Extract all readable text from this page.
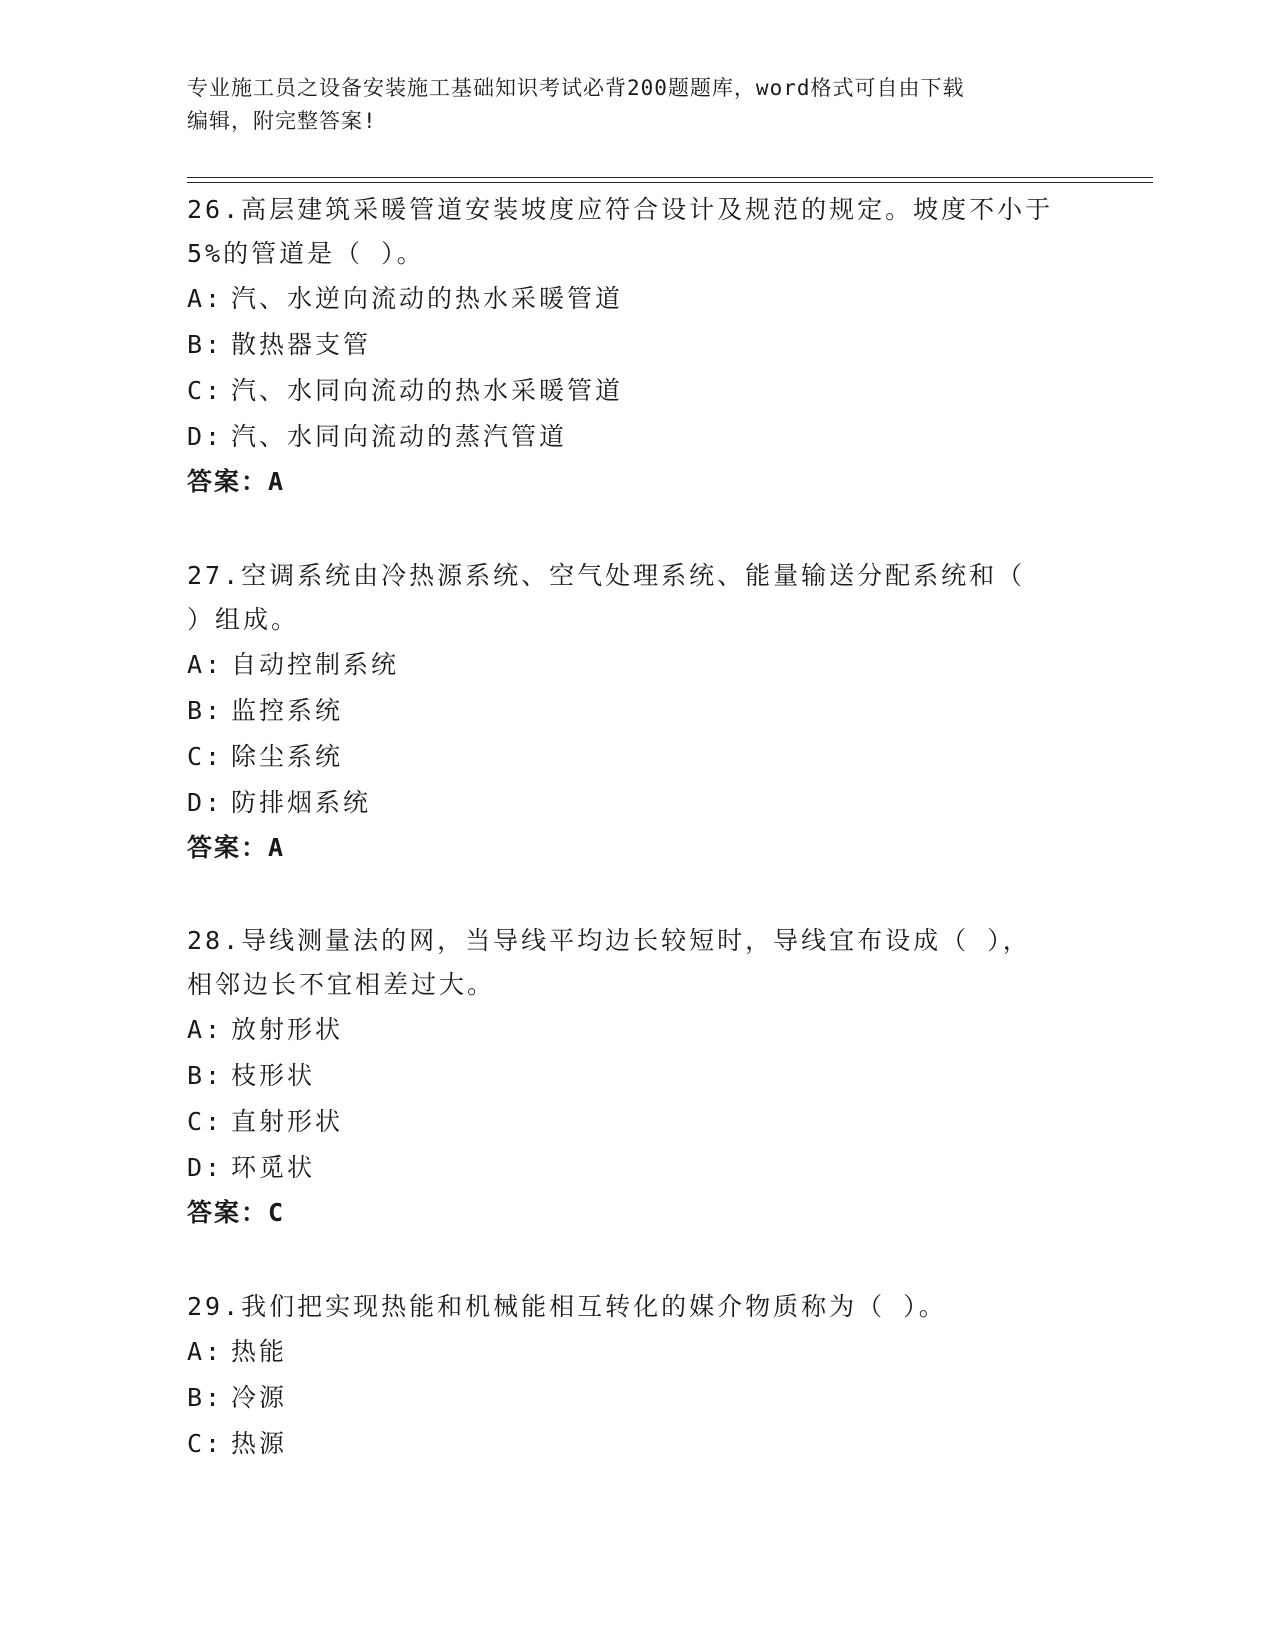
专业施工员之设备安装施工基础知识考试必背200题题库，word格式可自由下载
编辑，附完整答案!
26.高层建筑采暖管道安装坡度应符合设计及规范的规定。坡度不小于
5%的管道是（ ）。
A: 汽、水逆向流动的热水采暖管道
B: 散热器支管
C: 汽、水同向流动的热水采暖管道
D: 汽、水同向流动的蒸汽管道
答案：A
27.空调系统由冷热源系统、空气处理系统、能量输送分配系统和（
）组成。
A: 自动控制系统
B: 监控系统
C: 除尘系统
D: 防排烟系统
答案：A
28.导线测量法的网，当导线平均边长较短时，导线宜布设成（ ），
相邻边长不宜相差过大。
A: 放射形状
B: 枝形状
C: 直射形状
D: 环觅状
答案：C
29.我们把实现热能和机械能相互转化的媒介物质称为（ ）。
A: 热能
B: 冷源
C: 热源
